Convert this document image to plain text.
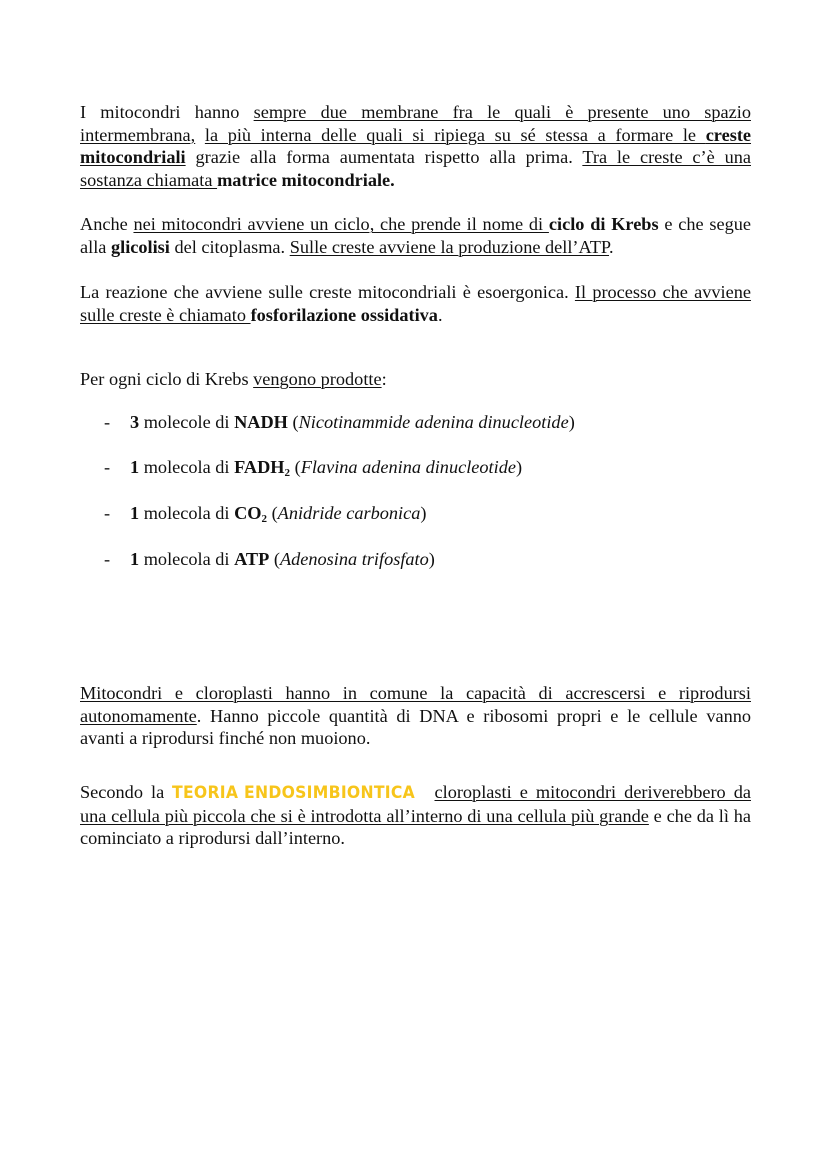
I mitocondri hanno sempre due membrane fra le quali è presente uno spazio intermembrana, la più interna delle quali si ripiega su sé stessa a formare le creste mitocondriali grazie alla forma aumentata rispetto alla prima. Tra le creste c’è una sostanza chiamata matrice mitocondriale.

Anche nei mitocondri avviene un ciclo, che prende il nome di ciclo di Krebs e che segue alla glicolisi del citoplasma. Sulle creste avviene la produzione dell’ATP.

La reazione che avviene sulle creste mitocondriali è esoergonica. Il processo che avviene sulle creste è chiamato fosforilazione ossidativa.

Per ogni ciclo di Krebs vengono prodotte:

- 3 molecole di NADH (Nicotinammide adenina dinucleotide)
- 1 molecola di $FADH_2$ (Flavina adenina dinucleotide)
- 1 molecola di $CO_2$ (Anidride carbonica)
- 1 molecola di ATP (Adenosina trifosfato)

Mitocondri e cloroplasti hanno in comune la capacità di accrescersi e riprodursi autonomamente. Hanno piccole quantità di DNA e ribosomi propri e le cellule vanno avanti a riprodursi finché non muoiono.

Secondo la TEORIA ENDOSIMBIONTICA cloroplasti e mitocondri deriverebbero da una cellula più piccola che si è introdotta all’interno di una cellula più grande e che da lì ha cominciato a riprodursi dall’interno.
